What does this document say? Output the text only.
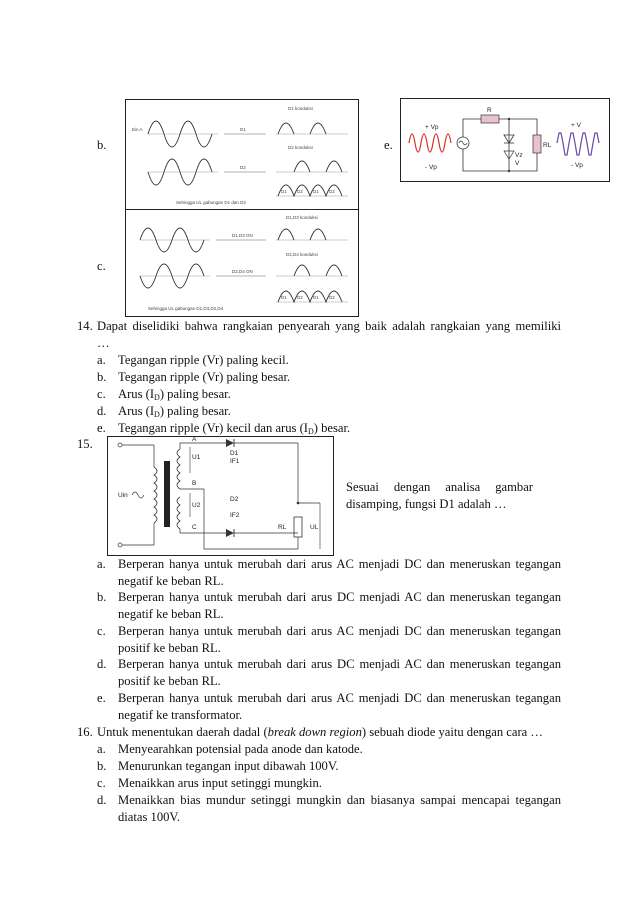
b.
Ein A	D1
D2
D1 konduksi
D2 konduksi
D1 D2 D1 D2
Sehingga UL gabungan D1 dan D2
e.
+ Vp
- Vp
R
Vz
V
RL
+ V
- Vp
c.
D1,D3 ON
D2,D4 ON
D1,D3 konduksi
D2,D4 konduksi
D1 D2 D1 D2
Sehingga UL gabungan D1,D3,D2,D4
14. Dapat diselidiki bahwa rangkaian penyearah yang baik adalah rangkaian yang memiliki
…
a. Tegangan ripple (Vr) paling kecil.
b. Tegangan ripple (Vr) paling besar.
c. Arus $(I_D)$ paling besar.
d. Arus $(I_D)$ paling besar.
e. Tegangan ripple (Vr) kecil dan arus $(I_D)$ besar.
15.
Uin
A
U1
B
U2
C
D1
IF1
D2
IF2
RL	UL
Sesuai dengan analisa gambar
disamping, fungsi D1 adalah …
a. Berperan hanya untuk merubah dari arus AC menjadi DC dan meneruskan tegangan
negatif ke beban RL.
b. Berperan hanya untuk merubah dari arus DC menjadi AC dan meneruskan tegangan
negatif ke beban RL.
c. Berperan hanya untuk merubah dari arus AC menjadi DC dan meneruskan tegangan
positif ke beban RL.
d. Berperan hanya untuk merubah dari arus DC menjadi AC dan meneruskan tegangan
positif ke beban RL.
e. Berperan hanya untuk merubah dari arus AC menjadi DC dan meneruskan tegangan
negatif ke transformator.
16. Untuk menentukan daerah dadal (break down region) sebuah diode yaitu dengan cara …
a. Menyearahkan potensial pada anode dan katode.
b. Menurunkan tegangan input dibawah 100V.
c. Menaikkan arus input setinggi mungkin.
d. Menaikkan bias mundur setinggi mungkin dan biasanya sampai mencapai tegangan
diatas 100V.
